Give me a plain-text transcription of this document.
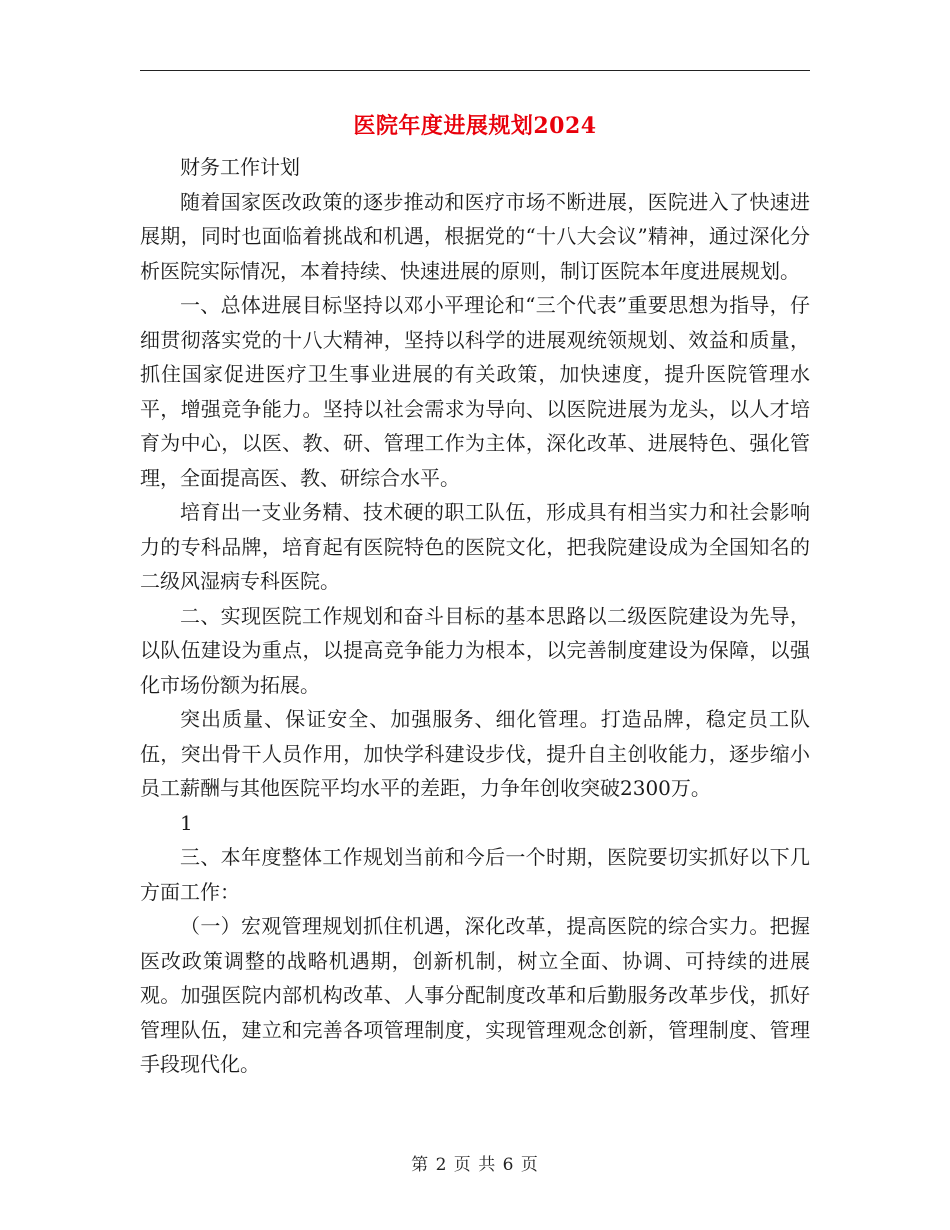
医院年度进展规划2024

财务工作计划

随着国家医改政策的逐步推动和医疗市场不断进展，医院进入了快速进展期，同时也面临着挑战和机遇，根据党的“十八大会议”精神，通过深化分析医院实际情况，本着持续、快速进展的原则，制订医院本年度进展规划。

一、总体进展目标坚持以邓小平理论和“三个代表”重要思想为指导，仔细贯彻落实党的十八大精神，坚持以科学的进展观统领规划、效益和质量，抓住国家促进医疗卫生事业进展的有关政策，加快速度，提升医院管理水平，增强竞争能力。坚持以社会需求为导向、以医院进展为龙头，以人才培育为中心，以医、教、研、管理工作为主体，深化改革、进展特色、强化管理，全面提高医、教、研综合水平。

培育出一支业务精、技术硬的职工队伍，形成具有相当实力和社会影响力的专科品牌，培育起有医院特色的医院文化，把我院建设成为全国知名的二级风湿病专科医院。

二、实现医院工作规划和奋斗目标的基本思路以二级医院建设为先导，以队伍建设为重点，以提高竞争能力为根本，以完善制度建设为保障，以强化市场份额为拓展。

突出质量、保证安全、加强服务、细化管理。打造品牌，稳定员工队伍，突出骨干人员作用，加快学科建设步伐，提升自主创收能力，逐步缩小员工薪酬与其他医院平均水平的差距，力争年创收突破2300万。

1

三、本年度整体工作规划当前和今后一个时期，医院要切实抓好以下几方面工作：

（一）宏观管理规划抓住机遇，深化改革，提高医院的综合实力。把握医改政策调整的战略机遇期，创新机制，树立全面、协调、可持续的进展观。加强医院内部机构改革、人事分配制度改革和后勤服务改革步伐，抓好管理队伍，建立和完善各项管理制度，实现管理观念创新，管理制度、管理手段现代化。

第 2 页 共 6 页
